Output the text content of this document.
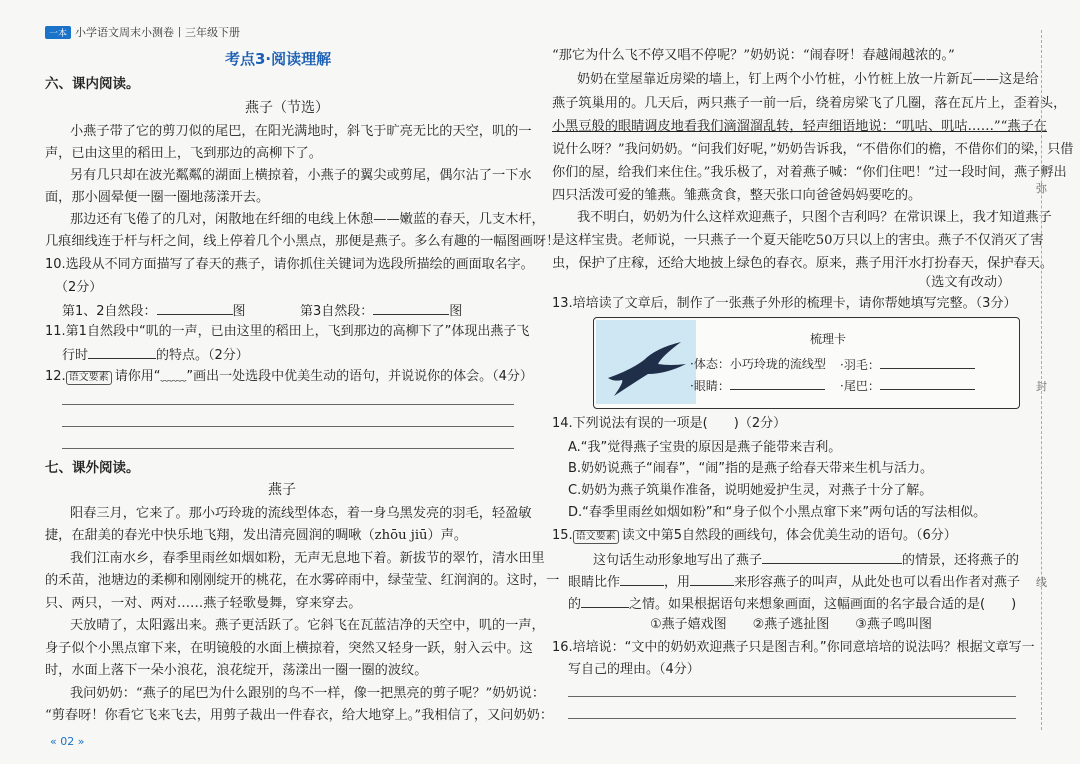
一本 小学语文周末小测卷丨三年级下册
考点3·阅读理解
六、课内阅读。
燕子（节选）
小燕子带了它的剪刀似的尾巴，在阳光满地时，斜飞于旷亮无比的天空，叽的一
声，已由这里的稻田上，飞到那边的高柳下了。
另有几只却在波光粼粼的湖面上横掠着，小燕子的翼尖或剪尾，偶尔沾了一下水
面，那小圆晕便一圈一圈地荡漾开去。
那边还有飞倦了的几对，闲散地在纤细的电线上休憩——嫩蓝的春天，几支木杆，
几痕细线连于杆与杆之间，线上停着几个小黑点，那便是燕子。多么有趣的一幅图画呀！
10.选段从不同方面描写了春天的燕子，请你抓住关键词为选段所描绘的画面取名字。
（2分）
第1、2自然段：	图	第3自然段：	图
11.第1自然段中“叽的一声，已由这里的稻田上，飞到那边的高柳下了”体现出燕子飞
行时	的特点。（2分）
12. 语文要素 请你用“﹏﹏”画出一处选段中优美生动的语句，并说说你的体会。（4分）
七、课外阅读。
燕子
阳春三月，它来了。那小巧玲珑的流线型体态，着一身乌黑发亮的羽毛，轻盈敏
捷，在甜美的春光中快乐地飞翔，发出清亮圆润的啁啾（zhōu jiū）声。
我们江南水乡，春季里雨丝如烟如粉，无声无息地下着。新拔节的翠竹，清水田里
的禾苗，池塘边的柔柳和刚刚绽开的桃花，在水雾碎雨中，绿莹莹、红润润的。这时，一
只、两只，一对、两对……燕子轻歌曼舞，穿来穿去。
天放晴了，太阳露出来。燕子更活跃了。它斜飞在瓦蓝洁净的天空中，叽的一声，
身子似个小黑点窜下来，在明镜般的水面上横掠着，突然又轻身一跃，射入云中。这
时，水面上落下一朵小浪花，浪花绽开，荡漾出一圈一圈的波纹。
我问奶奶：“燕子的尾巴为什么跟别的鸟不一样，像一把黑亮的剪子呢？”奶奶说：
“剪春呀！你看它飞来飞去，用剪子裁出一件春衣，给大地穿上。”我相信了，又问奶奶：
« 02 »
“那它为什么飞不停又唱不停呢？”奶奶说：“闹春呀！春越闹越浓的。”
奶奶在堂屋靠近房梁的墙上，钉上两个小竹桩，小竹桩上放一片新瓦——这是给
燕子筑巢用的。几天后，两只燕子一前一后，绕着房梁飞了几圈，落在瓦片上，歪着头，
小黑豆般的眼睛调皮地看我们滴溜溜乱转，轻声细语地说：“叽咕、叽咕……”“燕子在
说什么呀？”我问奶奶。“问我们好呢，”奶奶告诉我，“不借你们的檐，不借你们的梁，只借
你们的屋，给我们来住住。”我乐极了，对着燕子喊：“你们住吧！”过一段时间，燕子孵出
四只活泼可爱的雏燕。雏燕贪食，整天张口向爸爸妈妈要吃的。
我不明白，奶奶为什么这样欢迎燕子，只图个吉利吗？在常识课上，我才知道燕子
是这样宝贵。老师说，一只燕子一个夏天能吃50万只以上的害虫。燕子不仅消灭了害
虫，保护了庄稼，还给大地披上绿色的春衣。原来，燕子用汗水打扮春天，保护春天。
（选文有改动）
13.培培读了文章后，制作了一张燕子外形的梳理卡，请你帮她填写完整。（3分）
梳理卡
·体态：小巧玲珑的流线型 ·羽毛：
·眼睛：	·尾巴：
14.下列说法有误的一项是(　　)（2分）
A.“我”觉得燕子宝贵的原因是燕子能带来吉利。
B.奶奶说燕子“闹春”，“闹”指的是燕子给春天带来生机与活力。
C.奶奶为燕子筑巢作准备，说明她爱护生灵，对燕子十分了解。
D.“春季里雨丝如烟如粉”和“身子似个小黑点窜下来”两句话的写法相似。
15. 语文要素 读文中第5自然段的画线句，体会优美生动的语句。（6分）
这句话生动形象地写出了燕子	的情景，还将燕子的
眼睛比作	，用	来形容燕子的叫声，从此处也可以看出作者对燕子
的	之情。如果根据语句来想象画面，这幅画面的名字最合适的是(　　)
①燕子嬉戏图　　②燕子逃扯图　　③燕子鸣叫图
16.培培说：“文中的奶奶欢迎燕子只是图吉利。”你同意培培的说法吗？根据文章写一
写自己的理由。（4分）
弥
封
线
